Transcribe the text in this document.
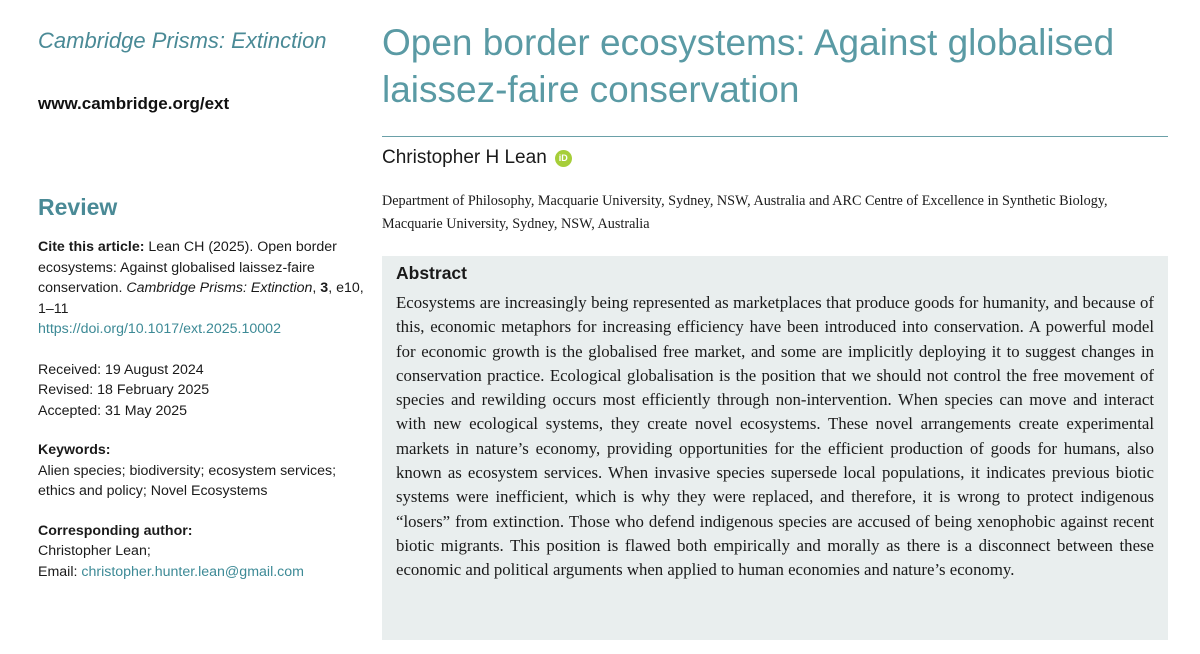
Cambridge Prisms: Extinction
www.cambridge.org/ext
Review
Cite this article: Lean CH (2025). Open border ecosystems: Against globalised laissez-faire conservation. Cambridge Prisms: Extinction, 3, e10, 1–11
https://doi.org/10.1017/ext.2025.10002
Received: 19 August 2024
Revised: 18 February 2025
Accepted: 31 May 2025
Keywords:
Alien species; biodiversity; ecosystem services; ethics and policy; Novel Ecosystems
Corresponding author:
Christopher Lean;
Email: christopher.hunter.lean@gmail.com
Open border ecosystems: Against globalised laissez-faire conservation
Christopher H Lean	iD
Department of Philosophy, Macquarie University, Sydney, NSW, Australia and ARC Centre of Excellence in Synthetic Biology, Macquarie University, Sydney, NSW, Australia
Abstract
Ecosystems are increasingly being represented as marketplaces that produce goods for humanity, and because of this, economic metaphors for increasing efficiency have been introduced into conservation. A powerful model for economic growth is the globalised free market, and some are implicitly deploying it to suggest changes in conservation practice. Ecological globalisation is the position that we should not control the free movement of species and rewilding occurs most efficiently through non-intervention. When species can move and interact with new ecological systems, they create novel ecosystems. These novel arrangements create experimental markets in nature’s economy, providing opportunities for the efficient production of goods for humans, also known as ecosystem services. When invasive species supersede local populations, it indicates previous biotic systems were inefficient, which is why they were replaced, and therefore, it is wrong to protect indigenous “losers” from extinction. Those who defend indigenous species are accused of being xenophobic against recent biotic migrants. This position is flawed both empirically and morally as there is a disconnect between these economic and political arguments when applied to human economies and nature’s economy.
